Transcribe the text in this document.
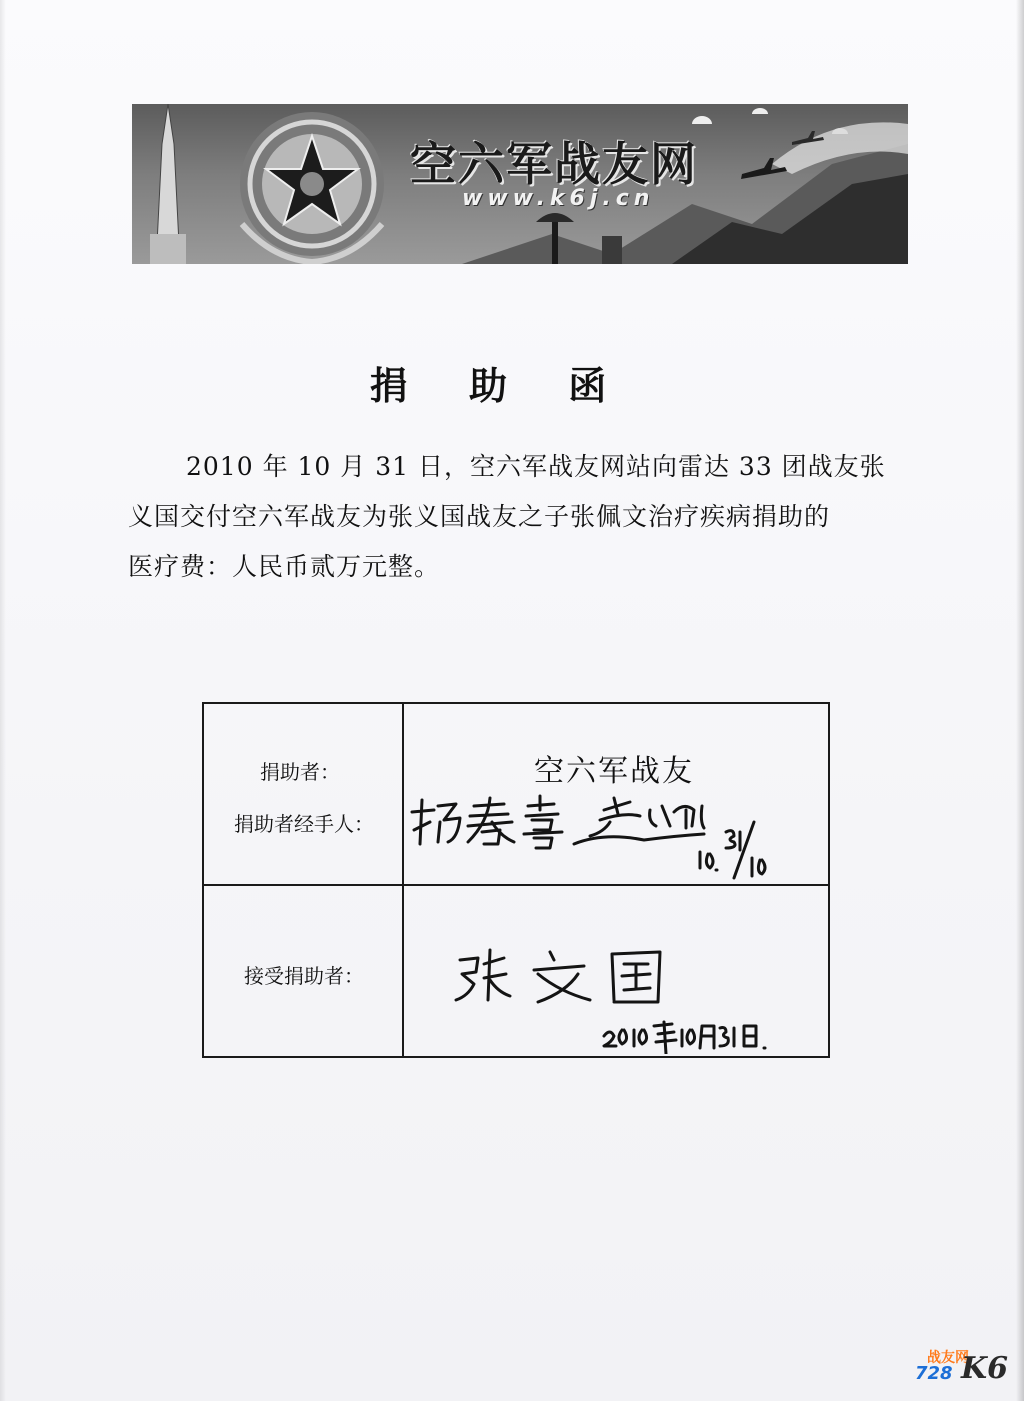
空六军战友网
www.k6j.cn
捐 助 函

2010 年 10 月 31 日，空六军战友网站向雷达 33 团战友张
义国交付空六军战友为张义国战友之子张佩文治疗疾病捐助的
医疗费：人民币贰万元整。

捐助者：
捐助者经手人：
接受捐助者：
空六军战友
战友网
728 K6
